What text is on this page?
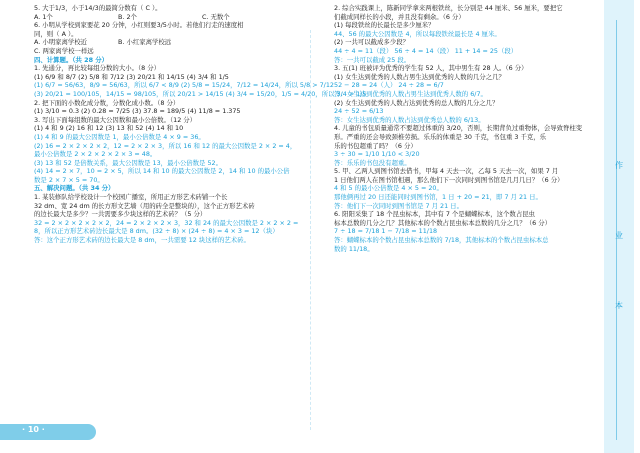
5. 大于1/3，小于14/3的最简分数有（ C ）。
A. 1个	B. 2个	C. 无数个
6. 小明从学校到家要花 20 分钟，小红则要3/5小时。若他们行走的速度相
同，则（ A ）。
A. 小明家离学校近	B. 小红家离学校远
C. 两家离学校一样远
四、计算题。（共 28 分）
1. 先通分，再比较每组分数的大小。（8 分）
(1) 6/9 和 8/7 (2) 5/8 和 7/12 (3) 20/21 和 14/15 (4) 3/4 和 1/5
(1) 6/7 = 56/63，8/9 = 56/63，所以 6/7 < 8/9 (2) 5/8 = 15/24，7/12 = 14/24，所以 5/8 > 7/12
(3) 20/21 = 100/105，14/15 = 98/105，所以 20/21 > 14/15 (4) 3/4 = 15/20，1/5 = 4/20，所以 3/4 > 1/5
2. 把下面的小数化成分数，分数化成小数。（8 分）
(1) 3/10 = 0.3 (2) 0.28 = 7/25 (3) 37.8 = 189/5 (4) 11/8 = 1.375
3. 写出下面每组数的最大公因数和最小公倍数。（12 分）
(1) 4 和 9 (2) 16 和 12 (3) 13 和 52 (4) 14 和 10
(1) 4 和 9 的最大公因数是 1，最小公倍数是 4 × 9 = 36。
(2) 16 = 2 × 2 × 2 × 2，12 = 2 × 2 × 3，所以 16 和 12 的最大公因数是 2 × 2 = 4，
最小公倍数是 2 × 2 × 2 × 2 × 3 = 48。
(3) 13 和 52 是倍数关系，最大公因数是 13，最小公倍数是 52。
(4) 14 = 2 × 7，10 = 2 × 5，所以 14 和 10 的最大公因数是 2，14 和 10 的最小公倍
数是 2 × 7 × 5 = 70。
五、解决问题。（共 34 分）
1. 某装修队给学校设计一个校园广播室，所用正方形艺术砖铺一个长
32 dm、宽 24 dm 的长方形文艺墙（用的砖全是整块的），这个正方形艺术砖
的边长最大是多少？一共需要多少块这样的艺术砖？（5 分）
32 = 2 × 2 × 2 × 2 × 2，24 = 2 × 2 × 2 × 3，32 和 24 的最大公因数是 2 × 2 × 2 =
8，所以正方形艺术砖边长最大是 8 dm。(32 ÷ 8) × (24 ÷ 8) = 4 × 3 = 12（块）
答：这个正方形艺术砖的边长最大是 8 dm，一共需要 12 块这样的艺术砖。
2. 综合实践课上，陈新同学拿来两根铁丝，长分别是 44 厘米、56 厘米，要把它
们截成同样长的小段，并且没有剩余。（6 分）
(1) 每段铁丝的长最长是多少厘米？
44、56 的最大公因数是 4，所以每段铁丝最长是 4 厘米。
(2) 一共可以截成多少段？
44 ÷ 4 = 11（段） 56 ÷ 4 = 14（段） 11 + 14 = 25（段）
答：一共可以截成 25 段。
3. 五(1) 班被评为优秀的学生有 52 人，其中男生有 28 人。（6 分）
(1) 女生达到优秀的人数占男生达到优秀的人数的几分之几？
52 − 28 = 24（人） 24 ÷ 28 = 6/7
答：女生达到优秀的人数占男生达到优秀人数的 6/7。
(2) 女生达到优秀的人数占达到优秀的总人数的几分之几？
24 ÷ 52 = 6/13
答：女生达到优秀的人数占达到优秀总人数的 6/13。
4. 儿童的书包质量通常不要超过体重的 3/20，否则，长期背负过重物体，会导致脊柱变
形。严重的还会导致颈椎劳损。乐乐的体重是 30 千克，书包重 3 千克，乐
乐的书包超重了吗？（6 分）
3 ÷ 30 = 1/10 1/10 < 3/20
答：乐乐的书包没有超重。
5. 甲、乙两人到图书馆去借书，甲每 4 天去一次，乙每 5 天去一次，如果 7 月
1 日他们两人在图书馆相遇，那么他们下一次同时到图书馆是几月几日？（6 分）
4 和 5 的最小公倍数是 4 × 5 = 20。
那他俩再过 20 日还能同时到图书馆，1 日 + 20 = 21，即 7 月 21 日。
答：他们下一次同时到图书馆是 7 月 21 日。
6. 阳阳采集了 18 个昆虫标本，其中有 7 个是蝴蝶标本，这个数占昆虫
标本总数的几分之几？其他标本的个数占昆虫标本总数的几分之几？（6 分）
7 ÷ 18 = 7/18 1 − 7/18 = 11/18
答：蝴蝶标本的个数占昆虫标本总数的 7/18，其他标本的个数占昆虫标本总
数的 11/18。
作
业
本
· 10 ·
